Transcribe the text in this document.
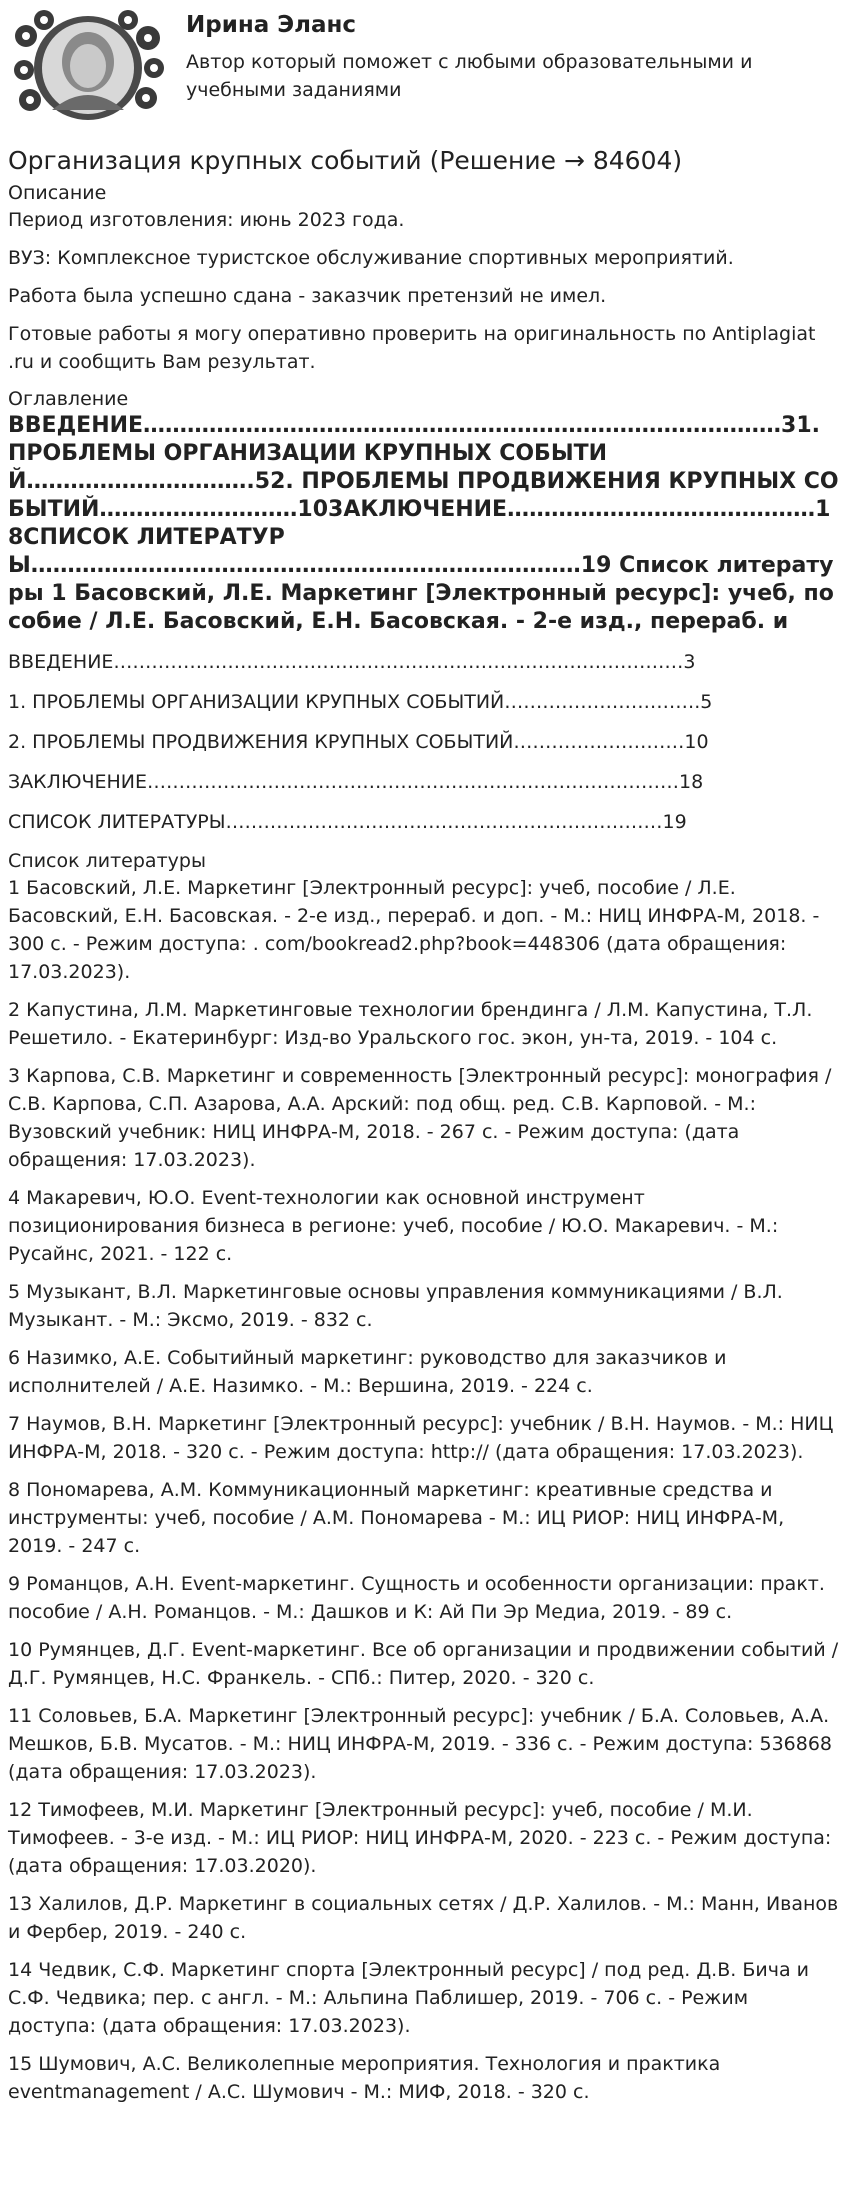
Ирина Эланс
Автор который поможет с любыми образовательными и учебными заданиями
Организация крупных событий (Решение → 84604)
Описание

Период изготовления: июнь 2023 года.

ВУЗ: Комплексное туристское обслуживание спортивных мероприятий.

Работа была успешно сдана - заказчик претензий не имел.

Готовые работы я могу оперативно проверить на оригинальность по Antiplagiat .ru и сообщить Вам результат.

Оглавление
ВВЕДЕНИЕ……………………………………………………………………………31. ПРОБЛЕМЫ ОРГАНИЗАЦИИ КРУПНЫХ СОБЫТИЙ………………………….52. ПРОБЛЕМЫ ПРОДВИЖЕНИЯ КРУПНЫХ СОБЫТИЙ………………………103АКЛЮЧЕНИЕ……………………………………18СПИСОК ЛИТЕРАТУРЫ…………………………………………………………………19 Список литературы 1 Басовский, Л.Е. Маркетинг [Электронный ресурс]: учеб, пособие / Л.Е. Басовский, Е.Н. Басовская. - 2-е изд., перераб. и

ВВЕДЕНИЕ………………………………………………………………………………3

1. ПРОБЛЕМЫ ОРГАНИЗАЦИИ КРУПНЫХ СОБЫТИЙ………………………….5

2. ПРОБЛЕМЫ ПРОДВИЖЕНИЯ КРУПНЫХ СОБЫТИЙ………………………10

ЗАКЛЮЧЕНИЕ…………………………………………………………………………18

СПИСОК ЛИТЕРАТУРЫ……………………………………………………………19

Список литературы

1 Басовский, Л.Е. Маркетинг [Электронный ресурс]: учеб, пособие / Л.Е. Басовский, Е.Н. Басовская. - 2-е изд., перераб. и доп. - М.: НИЦ ИНФРА-М, 2018. - 300 с. - Режим доступа: . com/bookread2.php?book=448306 (дата обращения: 17.03.2023).

2 Капустина, Л.М. Маркетинговые технологии брендинга / Л.М. Капустина, Т.Л. Решетило. - Екатеринбург: Изд-во Уральского гос. экон, ун-та, 2019. - 104 с.

3 Карпова, С.В. Маркетинг и современность [Электронный ресурс]: монография / С.В. Карпова, С.П. Азарова, А.А. Арский: под общ. ред. С.В. Карповой. - М.: Вузовский учебник: НИЦ ИНФРА-М, 2018. - 267 с. - Режим доступа: (дата обращения: 17.03.2023).

4 Макаревич, Ю.О. Event-технологии как основной инструмент позиционирования бизнеса в регионе: учеб, пособие / Ю.О. Макаревич. - М.: Русайнс, 2021. - 122 с.

5 Музыкант, В.Л. Маркетинговые основы управления коммуникациями / В.Л. Музыкант. - М.: Эксмо, 2019. - 832 с.

6 Назимко, А.Е. Событийный маркетинг: руководство для заказчиков и исполнителей / А.Е. Назимко. - М.: Вершина, 2019. - 224 с.

7 Наумов, В.Н. Маркетинг [Электронный ресурс]: учебник / В.Н. Наумов. - М.: НИЦ ИНФРА-М, 2018. - 320 с. - Режим доступа: http:// (дата обращения: 17.03.2023).

8 Пономарева, А.М. Коммуникационный маркетинг: креативные средства и инструменты: учеб, пособие / А.М. Пономарева - М.: ИЦ РИОР: НИЦ ИНФРА-М, 2019. - 247 с.

9 Романцов, А.Н. Event-маркетинг. Сущность и особенности организации: практ. пособие / А.Н. Романцов. - М.: Дашков и К: Ай Пи Эр Медиа, 2019. - 89 с.

10 Румянцев, Д.Г. Event-маркетинг. Все об организации и продвижении событий / Д.Г. Румянцев, Н.С. Франкель. - СПб.: Питер, 2020. - 320 с.

11 Соловьев, Б.А. Маркетинг [Электронный ресурс]: учебник / Б.А. Соловьев, А.А. Мешков, Б.В. Мусатов. - М.: НИЦ ИНФРА-М, 2019. - 336 с. - Режим доступа: 536868 (дата обращения: 17.03.2023).

12 Тимофеев, М.И. Маркетинг [Электронный ресурс]: учеб, пособие / М.И. Тимофеев. - 3-е изд. - М.: ИЦ РИОР: НИЦ ИНФРА-М, 2020. - 223 с. - Режим доступа: (дата обращения: 17.03.2020).

13 Халилов, Д.Р. Маркетинг в социальных сетях / Д.Р. Халилов. - М.: Манн, Иванов и Фербер, 2019. - 240 с.

14 Чедвик, С.Ф. Маркетинг спорта [Электронный ресурс] / под ред. Д.В. Бича и С.Ф. Чедвика; пер. с англ. - М.: Альпина Паблишер, 2019. - 706 с. - Режим доступа: (дата обращения: 17.03.2023).

15 Шумович, А.С. Великолепные мероприятия. Технология и практика eventmanagement / А.С. Шумович - М.: МИФ, 2018. - 320 с.
